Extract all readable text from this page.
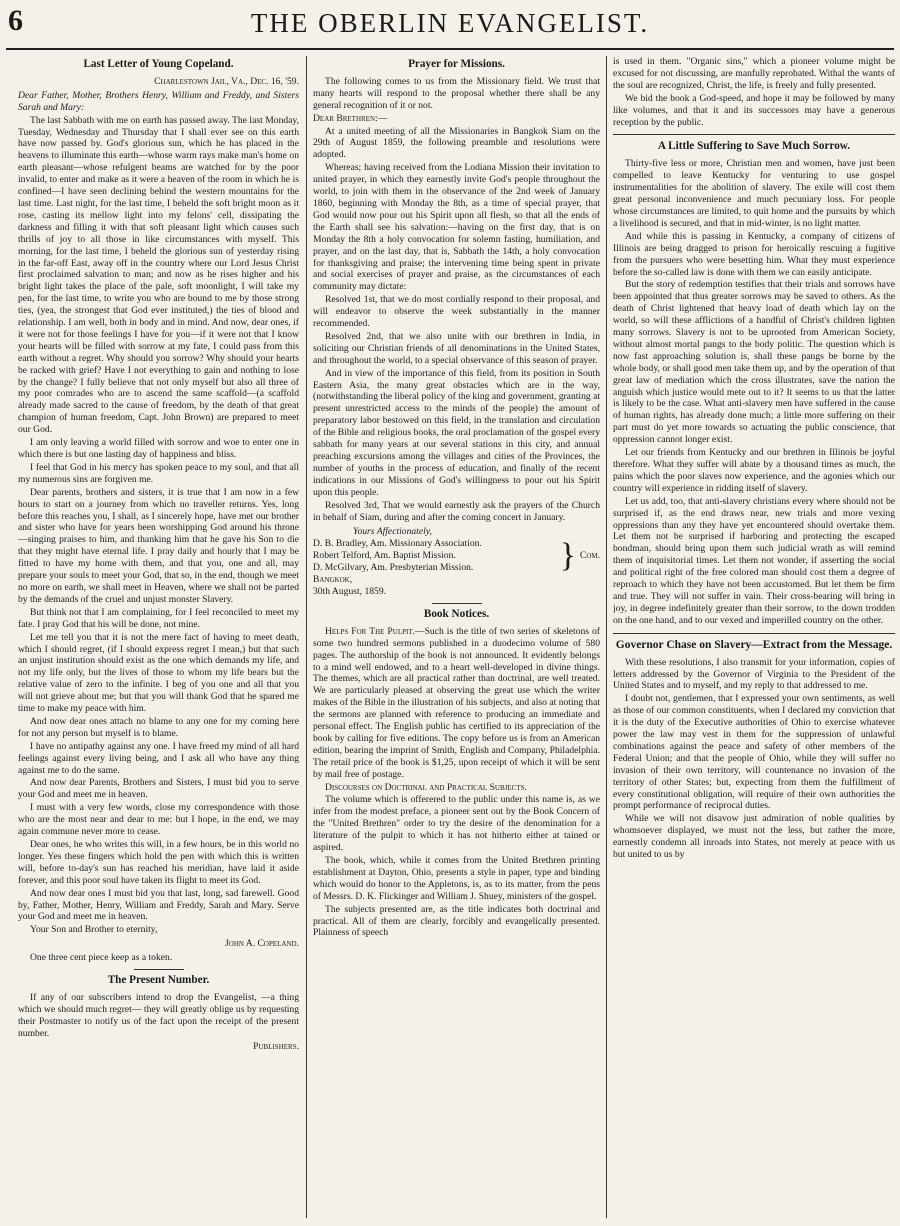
6	THE OBERLIN EVANGELIST.
Last Letter of Young Copeland.
Charlestown Jail, Va., Dec. 16, '59.

Dear Father, Mother, Brothers Henry, William and Freddy, and Sisters Sarah and Mary:

The last Sabbath with me on earth has passed away. The last Monday, Tuesday, Wednesday and Thursday that I shall ever see on this earth have now passed by. God's glorious sun, which he has placed in the heavens to illuminate this earth—whose warm rays make man's home on earth pleasant—whose refulgent beams are watched for by the poor invalid, to enter and make as it were a heaven of the room in which he is confined—I have seen declining behind the western mountains for the last time. Last night, for the last time, I beheld the soft bright moon as it rose, casting its mellow light into my felons' cell, dissipating the darkness and filling it with that soft pleasant light which causes such thrills of joy to all those in like circumstances with myself. This morning, for the last time, I beheld the glorious sun of yesterday rising in the far-off East, away off in the country where our Lord Jesus Christ first proclaimed salvation to man; and now as he rises higher and his bright light takes the place of the pale, soft moonlight, I will take my pen, for the last time, to write you who are bound to me by those strong ties, (yea, the strongest that God ever instituted,) the ties of blood and relationship. I am well, both in body and in mind. And now, dear ones, if it were not for those feelings I have for you—if it were not that I know your hearts will be filled with sorrow at my fate, I could pass from this earth without a regret. Why should you sorrow? Why should your hearts be racked with grief? Have I not everything to gain and nothing to lose by the change? I fully believe that not only myself but also all three of my poor comrades who are to ascend the same scaffold—(a scaffold already made sacred to the cause of freedom, by the death of that great champion of human freedom, Capt. John Brown) are prepared to meet our God.

I am only leaving a world filled with sorrow and woe to enter one in which there is but one lasting day of happiness and bliss.

I feel that God in his mercy has spoken peace to my soul, and that all my numerous sins are forgiven me.

Dear parents, brothers and sisters, it is true that I am now in a few hours to start on a journey from which no traveller returns. Yes, long before this reaches you, I shall, as I sincerely hope, have met our brother and sister who have for years been worshipping God around his throne—singing praises to him, and thanking him that he gave his Son to die that they might have eternal life. I pray daily and hourly that I may be fitted to have my home with them, and that you, one and all, may prepare your souls to meet your God, that so, in the end, though we meet no more on earth, we shall meet in Heaven, where we shall not be parted by the demands of the cruel and unjust monster Slavery.

But think not that I am complaining, for I feel reconciled to meet my fate. I pray God that his will be done, not mine.

Let me tell you that it is not the mere fact of having to meet death, which I should regret, (if I should express regret I mean,) but that such an unjust institution should exist as the one which demands my life, and not my life only, but the lives of those to whom my life bears but the relative value of zero to the infinite. I beg of you one and all that you will not grieve about me; but that you will thank God that he spared me time to make my peace with him.

And now dear ones attach no blame to any one for my coming here for not any person but myself is to blame.

I have no antipathy against any one. I have freed my mind of all hard feelings against every living being, and I ask all who have any thing against me to do the same.

And now dear Parents, Brothers and Sisters, I must bid you to serve your God and meet me in heaven.

I must with a very few words, close my correspondence with those who are the most near and dear to me: but I hope, in the end, we may again commune never more to cease.

Dear ones, he who writes this will, in a few hours, be in this world no longer. Yes these fingers which hold the pen with which this is written will, before to-day's sun has reached his meridian, have laid it aside forever, and this poor soul have taken its flight to meet its God.

And now dear ones I must bid you that last, long, sad farewell. Good by, Father, Mother, Henry, William and Freddy, Sarah and Mary. Serve your God and meet me in heaven.

Your Son and Brother to eternity,

John A. Copeland.

One three cent piece keep as a token.

The Present Number.

If any of our subscribers intend to drop the Evangelist, —a thing which we should much regret— they will greatly oblige us by requesting their Postmaster to notify us of the fact upon the receipt of the present number.

Publishers.
Prayer for Missions.

The following comes to us from the Missionary field. We trust that many hearts will respond to the proposal whether there shall be any general recognition of it or not.

Dear Brethren:—

At a united meeting of all the Missionaries in Bangkok Siam on the 29th of August 1859, the following preamble and resolutions were adopted.

Whereas; having received from the Lodiana Mission their invitation to united prayer, in which they earnestly invite God's people throughout the world, to join with them in the observance of the 2nd week of January 1860, beginning with Monday the 8th, as a time of special prayer, that God would now pour out his Spirit upon all flesh, so that all the ends of the Earth shall see his salvation:—having on the first day, that is on Monday the 8th a holy convocation for solemn fasting, humiliation, and prayer, and on the last day, that is, Sabbath the 14th, a holy convocation for thanksgiving and praise; the intervening time being spent in private and social exercises of prayer and praise, as the circumstances of each community may dictate:

Resolved 1st, that we do most cordially respond to their proposal, and will endeavor to observe the week substantially in the manner recommended.

Resolved 2nd, that we also unite with our brethren in India, in soliciting our Christian friends of all denominations in the United States, and throughout the world, to a special observance of this season of prayer.

And in view of the importance of this field, from its position in South Eastern Asia, the many great obstacles which are in the way, (notwithstanding the liberal policy of the king and government, granting at present unrestricted access to the minds of the people) the amount of preparatory labor bestowed on this field, in the translation and circulation of the Bible and religious books, the oral proclamation of the gospel every sabbath for many years at our several stations in this city, and annual preaching excursions among the villages and cities of the Provinces, the number of youths in the process of education, and finally of the recent indications in our Missions of God's willingness to pour out his Spirit upon this people.

Resolved 3rd, That we would earnestly ask the prayers of the Church in behalf of Siam, during and after the coming concert in January.

Yours Affectionately,
D. B. Bradley, Am. Missionary Association.
Robert Telford, Am. Baptist Mission.
D. McGilvary, Am. Presbyterian Mission.	} Com.
Bangkok,
30th August, 1859.
Book Notices.

Helps For The Pulpit.—Such is the title of two series of skeletons of some two hundred sermons published in a duodecimo volume of 580 pages. The authorship of the book is not announced. It evidently belongs to a mind well endowed, and to a heart well-developed in divine things. The themes, which are all practical rather than doctrinal, are well treated. We are particularly pleased at observing the great use which the writer makes of the Bible in the illustration of his subjects, and also at noting that the sermons are planned with reference to producing an immediate and personal effect. The English public has certified to its appreciation of the book by calling for five editions. The copy before us is from an American edition, bearing the imprint of Smith, English and Company, Philadelphia. The retail price of the book is $1,25, upon receipt of which it will be sent by mail free of postage.

Discourses on Doctrinal and Practical Subjects.

The volume which is offerered to the public under this name is, as we infer from the modest preface, a pioneer sent out by the Book Concern of the "United Brethren" order to try the desire of the denomination for a literature of the pulpit to which it has not hitherto either at tained or aspired.

The book, which, while it comes from the United Brethren printing establishment at Dayton, Ohio, presents a style in paper, type and binding which would do honor to the Appletons, is, as to its matter, from the pens of Messrs. D. K. Flickinger and William J. Shuey, ministers of the gospel.

The subjects presented are, as the title indicates both doctrinal and practical. All of them are clearly, forcibly and evangelically presented. Plainness of speech

is used in them. "Organic sins," which a pioneer volume might be excused for not discussing, are manfully reprobated. Withal the wants of the soul are recognized, Christ, the life, is freely and fully presented.

We bid the book a God-speed, and hope it may be followed by many like volumes, and that it and its successors may have a generous reception by the public.

A Little Suffering to Save Much Sorrow.

Thirty-five less or more, Christian men and women, have just been compelled to leave Kentucky for venturing to use gospel instrumentalities for the abolition of slavery. The exile will cost them great personal inconvenience and much pecuniary loss. For people whose circumstances are limited, to quit home and the pursuits by which a livelihood is secured, and that in mid-winter, is no light matter.

And while this is passing in Kentucky, a company of citizens of Illinois are being dragged to prison for heroically rescuing a fugitive from the pursuers who were besetting him. What they must experience before the so-called law is done with them we can easily anticipate.

But the story of redemption testifies that their trials and sorrows have been appointed that thus greater sorrows may be saved to others. As the death of Christ lightened that heavy load of death which lay on the world, so will these afflictions of a handful of Christ's children lighten many sorrows. Slavery is not to be uprooted from American Society, without almost mortal pangs to the body politic. The question which is now fast approaching solution is, shall these pangs be borne by the whole body, or shall good men take them up, and by the operation of that great law of mediation which the cross illustrates, save the nation the anguish which justice would mete out to it? It seems to us that the latter is likely to be the case. What anti-slavery men have suffered in the cause of human rights, has already done much; a little more suffering on their part must do yet more towards so actuating the public conscience, that oppression cannot longer exist.

Let our friends from Kentucky and our brethren in Illinois be joyful therefore. What they suffer will abate by a thousand times as much, the pains which the poor slaves now experience, and the agonies which our country will experience in ridding itself of slavery.

Let us add, too, that anti-slavery christians every where should not be surprised if, as the end draws near, new trials and more vexing oppressions than any they have yet encountered should overtake them. Let them not be surprised if harboring and protecting the escaped bondman, should bring upon them such judicial wrath as will remind them of inquisitorial times. Let them not wonder, if asserting the social and political right of the free colored man should cost them a degree of reproach to which they have not been accustomed. But let them be firm and true. They will not suffer in vain. Their cross-bearing will bring in joy, in degree indefinitely greater than their sorrow, to the down trodden on the one hand, and to our vexed and imperilled country on the other.

Governor Chase on Slavery—Extract from the Message.

With these resolutions, I also transmit for your information, copies of letters addressed by the Governor of Virginia to the President of the United States and to myself, and my reply to that addressed to me.

I doubt not, gentlemen, that I expressed your own sentiments, as well as those of our common constituents, when I declared my conviction that it is the duty of the Executive authorities of Ohio to exercise whatever power the law may vest in them for the suppression of unlawful combinations against the peace and safety of other members of the Federal Union; and that the people of Ohio, while they will suffer no invasion of their own territory, will countenance no invasion of the territory of other States; but, expecting from them the fulfillment of every constitutional obligation, will require of their own authorities the prompt performance of reciprocal duties.

While we will not disavow just admiration of noble qualities by whomsoever displayed, we must not the less, but rather the more, earnestly condemn all inroads into States, not merely at peace with us but united to us by
